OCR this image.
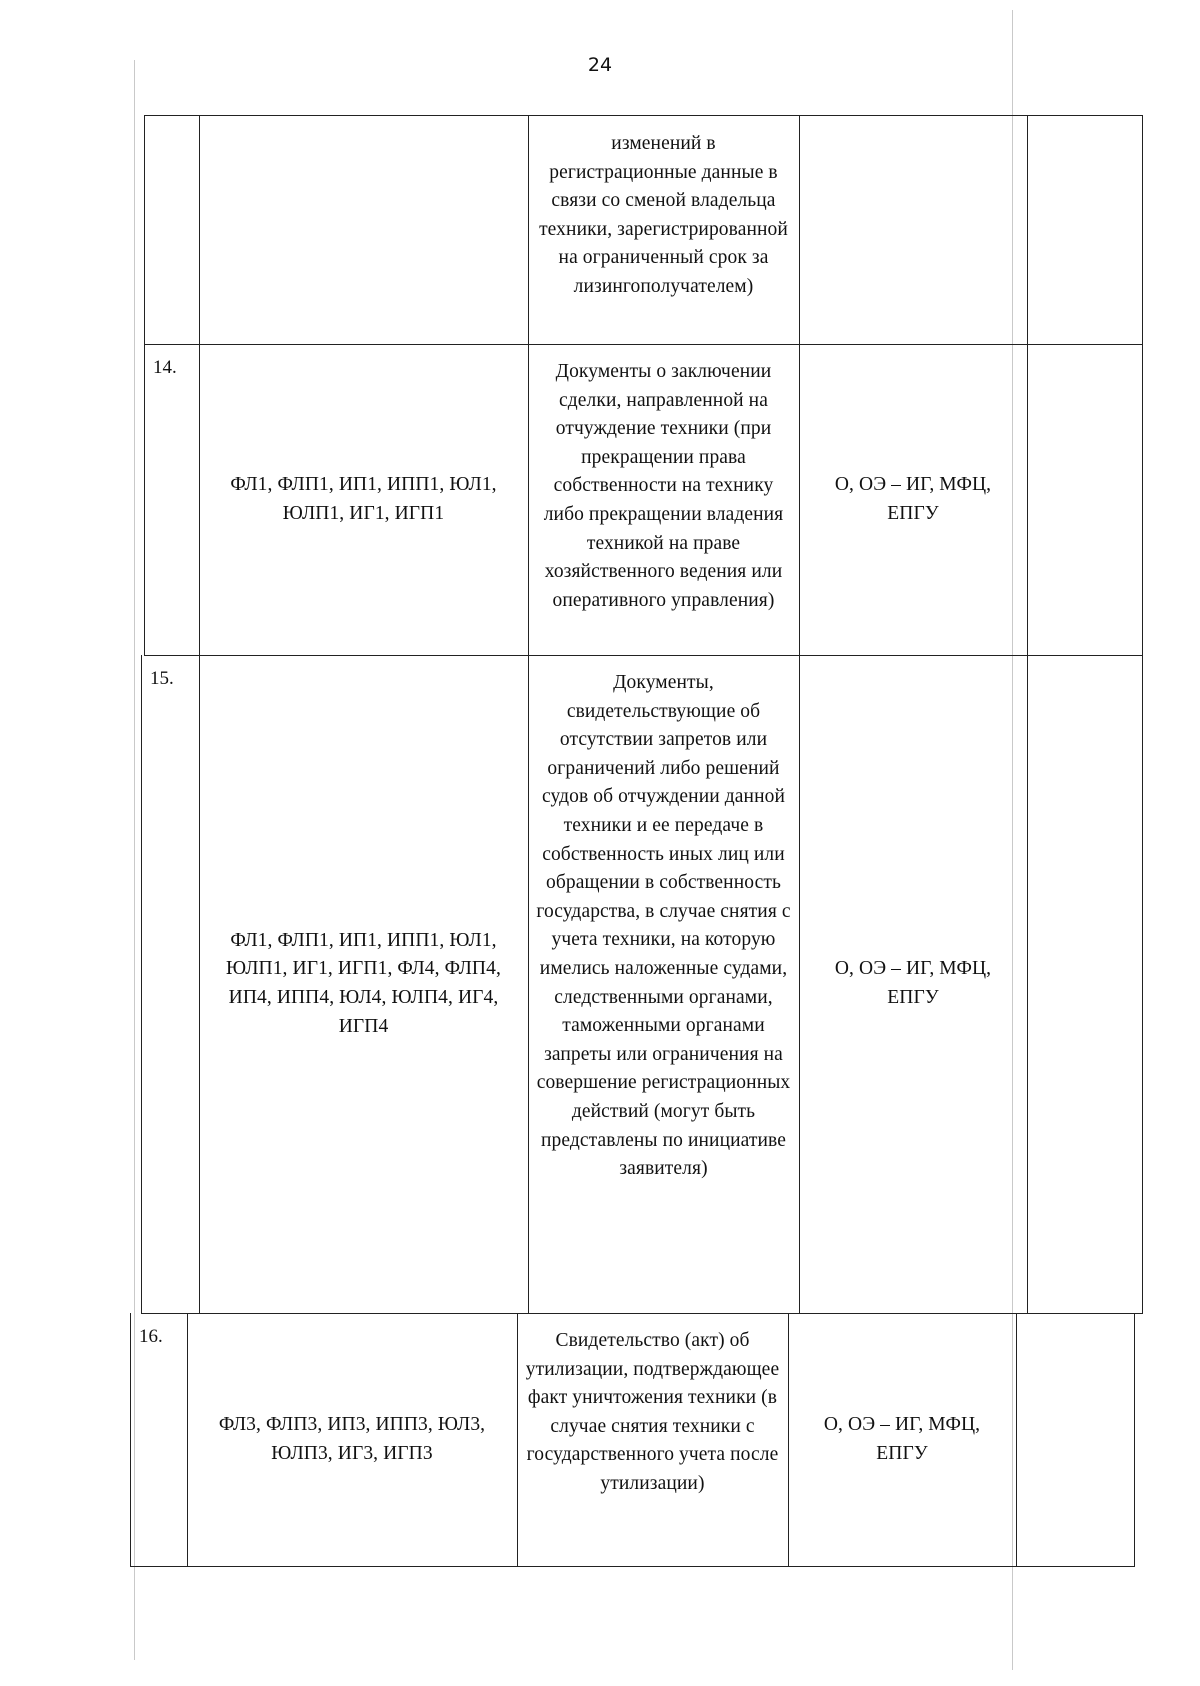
24
изменений в регистрационные данные в связи со сменой владельца техники, зарегистрированной на ограниченный срок за лизингополучателем)
14.
ФЛ1, ФЛП1, ИП1, ИПП1, ЮЛ1, ЮЛП1, ИГ1, ИГП1
Документы о заключении сделки, направленной на отчуждение техники (при прекращении права собственности на технику либо прекращении владения техникой на праве хозяйственного ведения или оперативного управления)
О, ОЭ – ИГ, МФЦ, ЕПГУ
15.
ФЛ1, ФЛП1, ИП1, ИПП1, ЮЛ1, ЮЛП1, ИГ1, ИГП1, ФЛ4, ФЛП4, ИП4, ИПП4, ЮЛ4, ЮЛП4, ИГ4, ИГП4
Документы, свидетельствующие об отсутствии запретов или ограничений либо решений судов об отчуждении данной техники и ее передаче в собственность иных лиц или обращении в собственность государства, в случае снятия с учета техники, на которую имелись наложенные судами, следственными органами, таможенными органами запреты или ограничения на совершение регистрационных действий (могут быть представлены по инициативе заявителя)
О, ОЭ – ИГ, МФЦ, ЕПГУ
16.
ФЛ3, ФЛП3, ИП3, ИПП3, ЮЛ3, ЮЛП3, ИГ3, ИГП3
Свидетельство (акт) об утилизации, подтверждающее факт уничтожения техники (в случае снятия техники с государственного учета после утилизации)
О, ОЭ – ИГ, МФЦ, ЕПГУ
